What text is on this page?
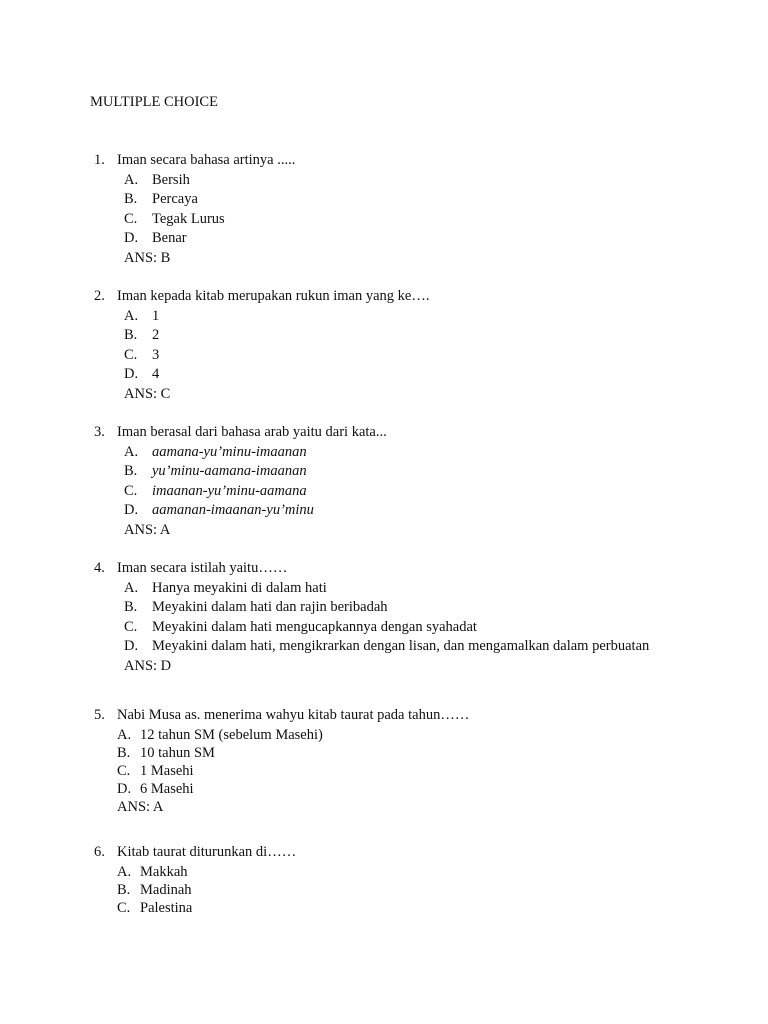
MULTIPLE CHOICE
1. Iman secara bahasa artinya .....
A. Bersih
B. Percaya
C. Tegak Lurus
D. Benar
ANS: B
2. Iman kepada kitab merupakan rukun iman yang ke….
A. 1
B. 2
C. 3
D. 4
ANS: C
3. Iman berasal dari bahasa arab yaitu dari kata...
A. aamana-yu’minu-imaanan
B. yu’minu-aamana-imaanan
C. imaanan-yu’minu-aamana
D. aamanan-imaanan-yu’minu
ANS: A
4. Iman secara istilah yaitu……
A. Hanya meyakini di dalam hati
B. Meyakini dalam hati dan rajin beribadah
C. Meyakini dalam hati mengucapkannya dengan syahadat
D. Meyakini dalam hati, mengikrarkan dengan lisan, dan mengamalkan dalam perbuatan
ANS: D
5. Nabi Musa as. menerima wahyu kitab taurat pada tahun……
A. 12 tahun SM (sebelum Masehi)
B. 10 tahun SM
C. 1 Masehi
D. 6 Masehi
ANS: A
6. Kitab taurat diturunkan di……
A. Makkah
B. Madinah
C. Palestina
